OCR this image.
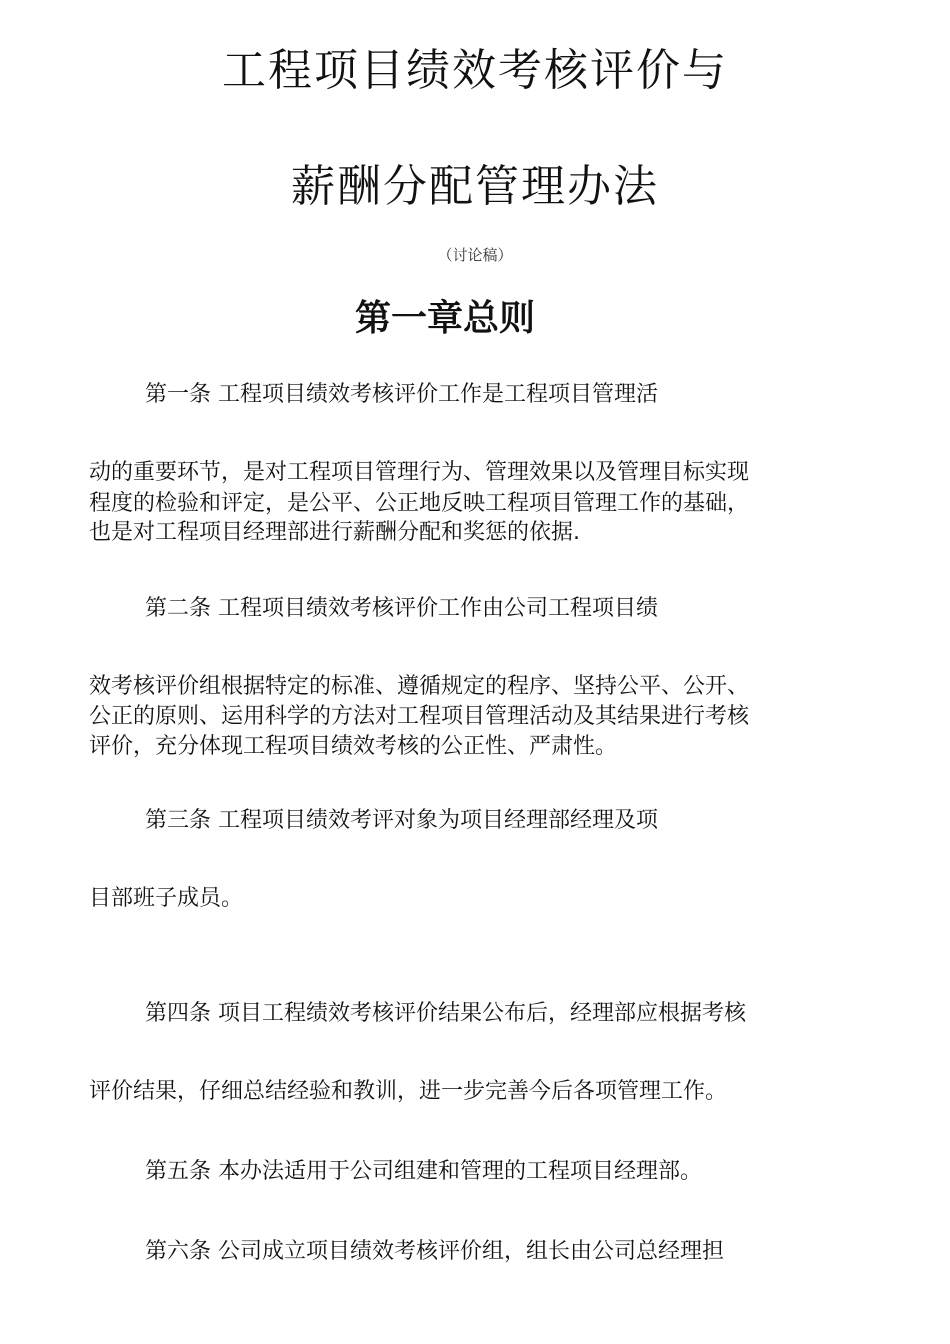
工程项目绩效考核评价与
薪酬分配管理办法
（讨论稿）
第一章总则

第一条 工程项目绩效考核评价工作是工程项目管理活

动的重要环节，是对工程项目管理行为、管理效果以及管理目标实现

程度的检验和评定，是公平、公正地反映工程项目管理工作的基础，

也是对工程项目经理部进行薪酬分配和奖惩的依据.

第二条 工程项目绩效考核评价工作由公司工程项目绩

效考核评价组根据特定的标准、遵循规定的程序、坚持公平、公开、

公正的原则、运用科学的方法对工程项目管理活动及其结果进行考核

评价，充分体现工程项目绩效考核的公正性、严肃性。

第三条 工程项目绩效考评对象为项目经理部经理及项

目部班子成员。

第四条 项目工程绩效考核评价结果公布后，经理部应根据考核

评价结果，仔细总结经验和教训，进一步完善今后各项管理工作。

第五条 本办法适用于公司组建和管理的工程项目经理部。

第六条 公司成立项目绩效考核评价组，组长由公司总经理担
